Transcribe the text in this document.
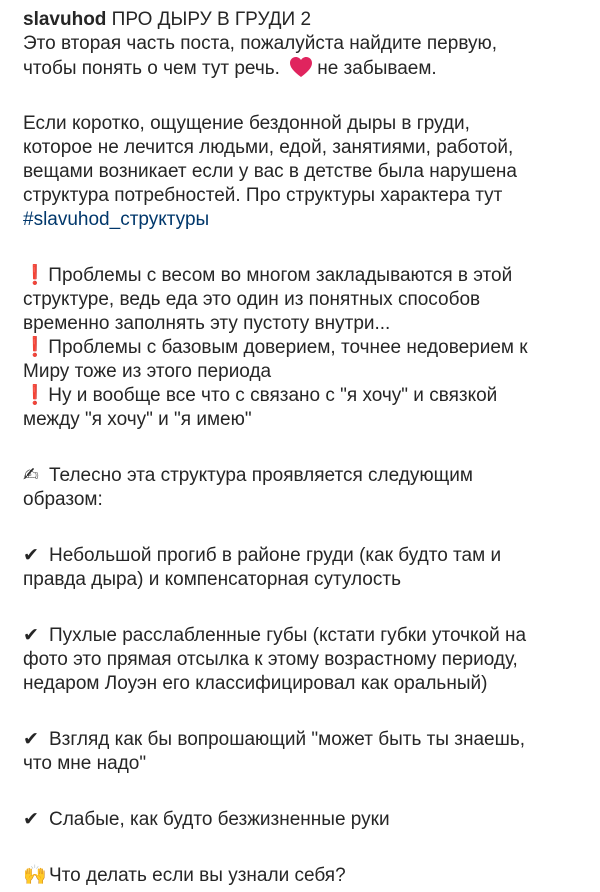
slavuhod ПРО ДЫРУ В ГРУДИ 2
Это вторая часть поста, пожалуйста найдите первую,
чтобы понять о чем тут речь. не забываем.
Если коротко, ощущение бездонной дыры в груди,
которое не лечится людьми, едой, занятиями, работой,
вещами возникает если у вас в детстве была нарушена
структура потребностей. Про структуры характера тут
#slavuhod_структуры
❗ Проблемы с весом во многом закладываются в этой
структуре, ведь еда это один из понятных способов
временно заполнять эту пустоту внутри...
❗ Проблемы с базовым доверием, точнее недоверием к
Миру тоже из этого периода
❗ Ну и вообще все что с связано с "я хочу" и связкой
между "я хочу" и "я имею"
✍ Телесно эта структура проявляется следующим
образом:
✔ Небольшой прогиб в районе груди (как будто там и
правда дыра) и компенсаторная сутулость
✔ Пухлые расслабленные губы (кстати губки уточкой на
фото это прямая отсылка к этому возрастному периоду,
недаром Лоуэн его классифицировал как оральный)
✔ Взгляд как бы вопрошающий "может быть ты знаешь,
что мне надо"
✔ Слабые, как будто безжизненные руки
🙌 Что делать если вы узнали себя?
